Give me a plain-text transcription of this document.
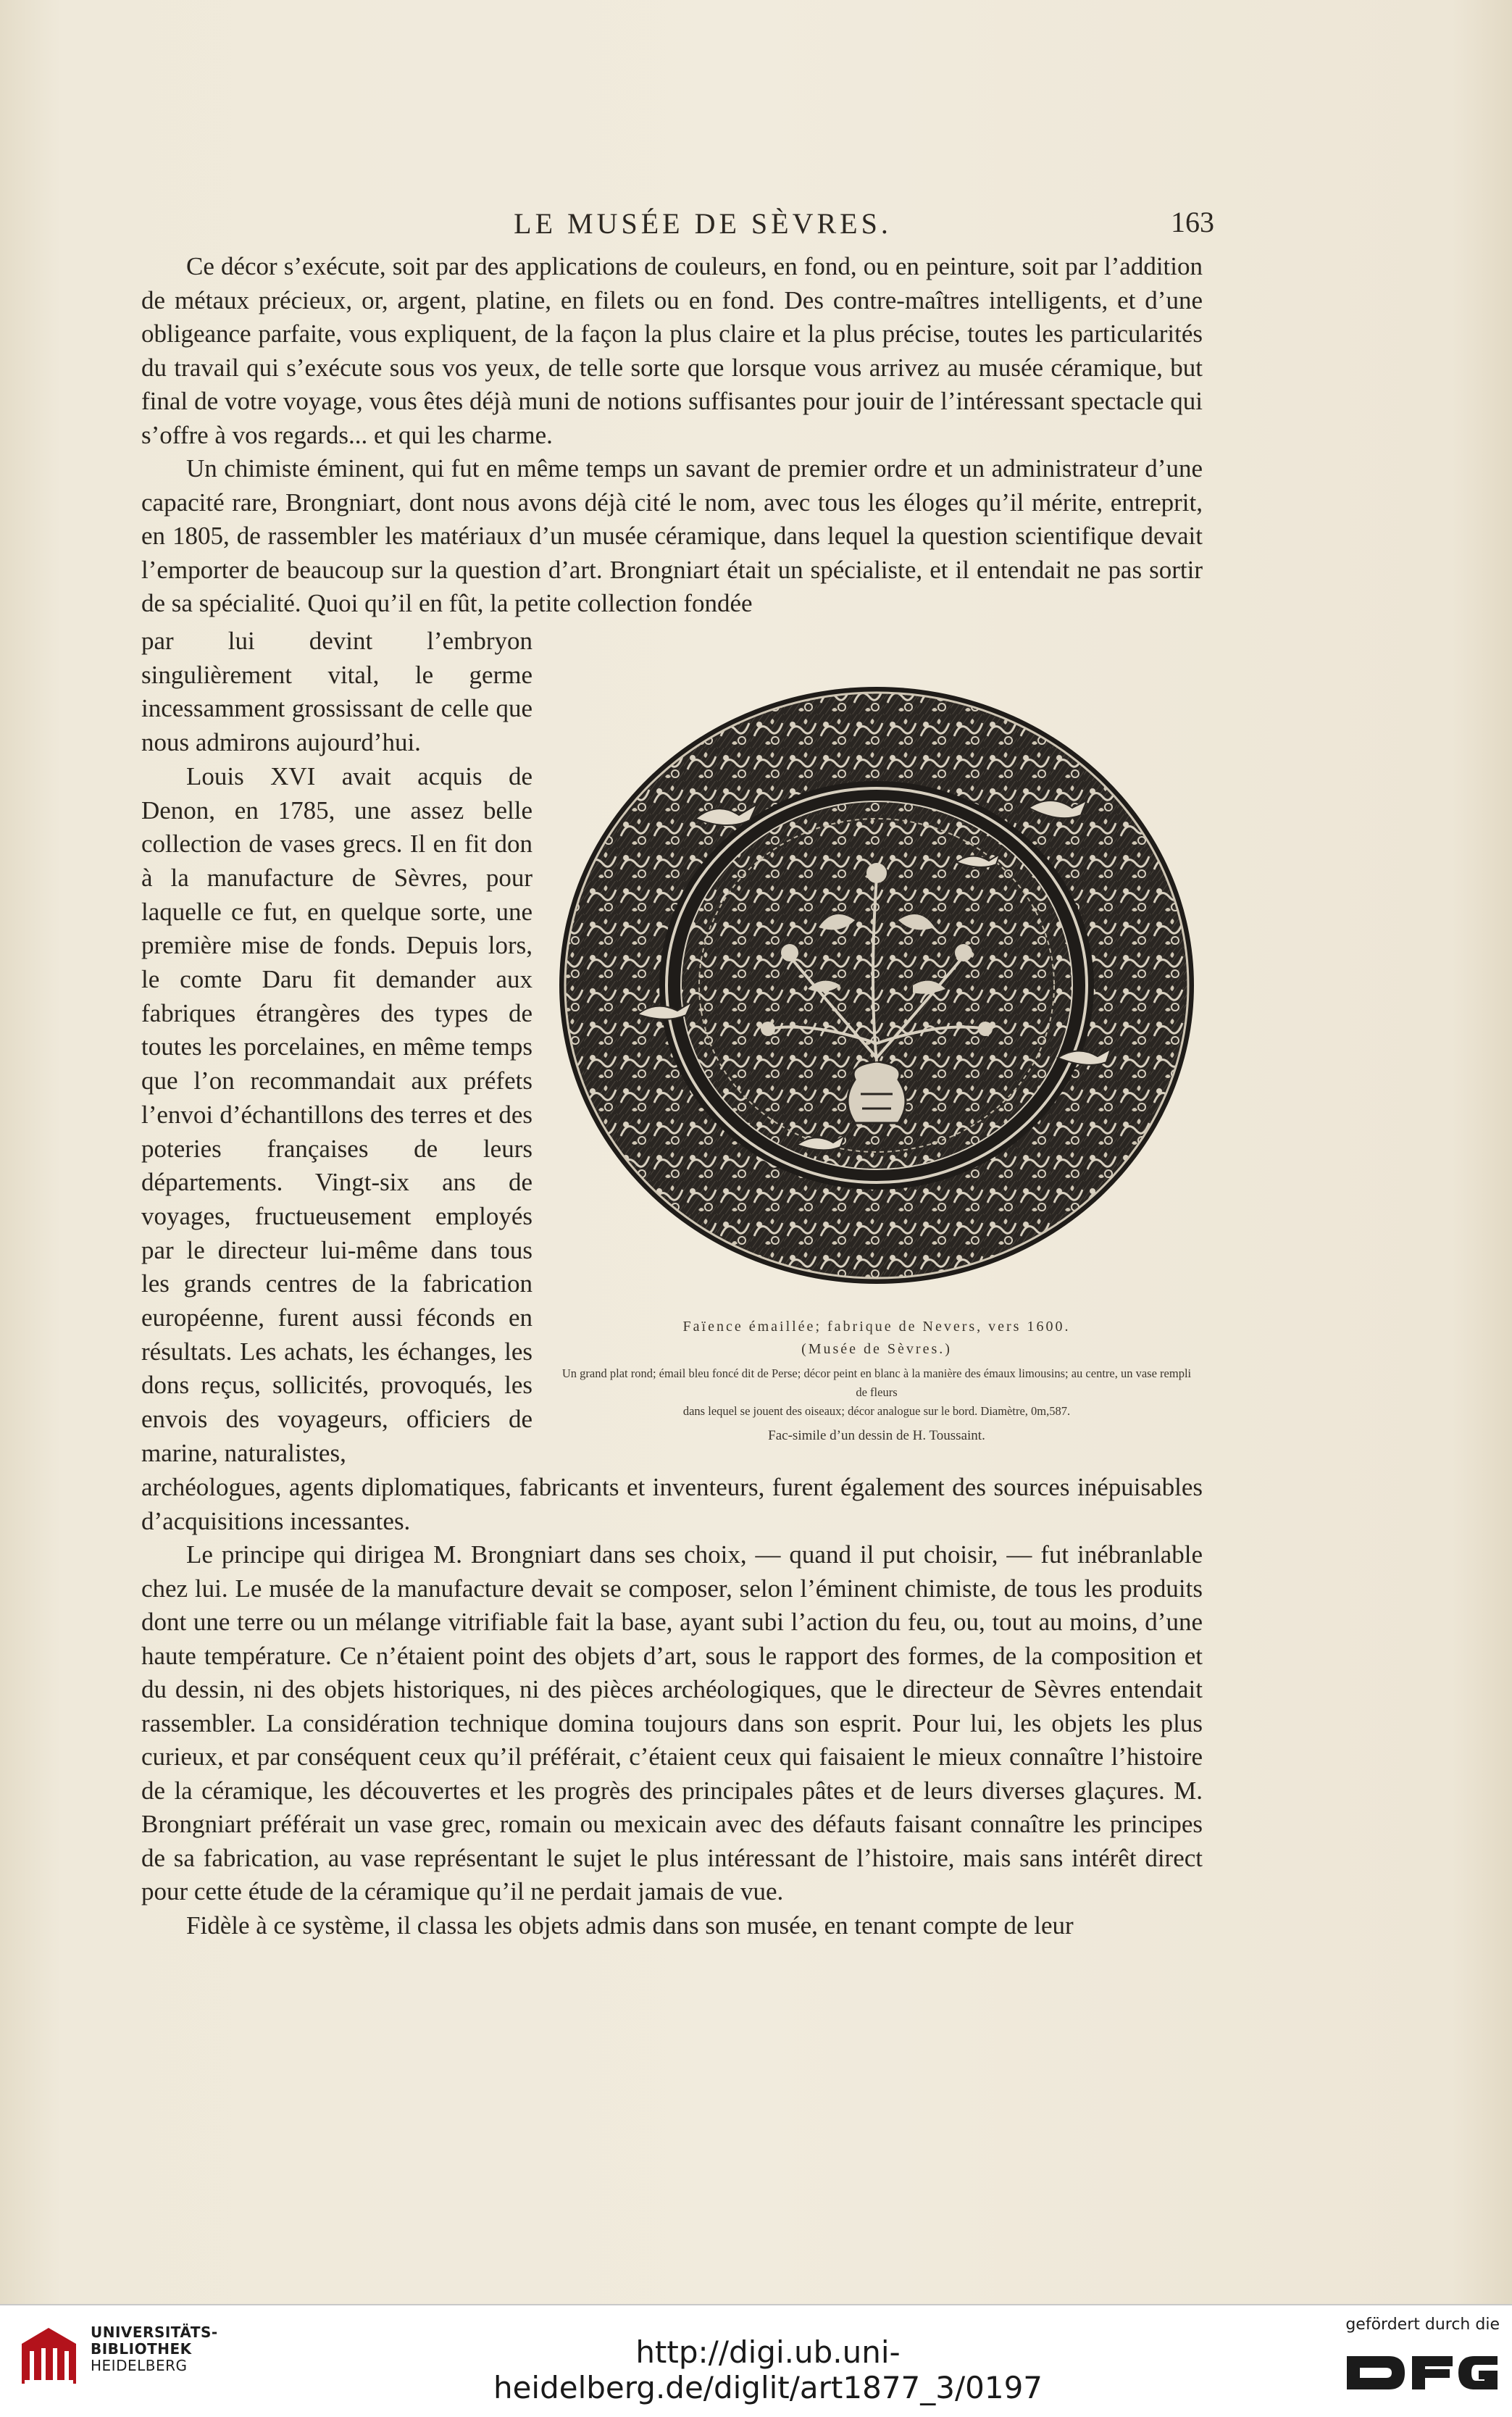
LE MUSÉE DE SÈVRES.	163

Ce décor s’exécute, soit par des applications de couleurs, en fond, ou en peinture, soit par l’addition de métaux précieux, or, argent, platine, en filets ou en fond. Des contre-maîtres intelligents, et d’une obligeance parfaite, vous expliquent, de la façon la plus claire et la plus précise, toutes les particularités du travail qui s’exécute sous vos yeux, de telle sorte que lorsque vous arrivez au musée céramique, but final de votre voyage, vous êtes déjà muni de notions suffisantes pour jouir de l’intéressant spectacle qui s’offre à vos regards... et qui les charme.

Un chimiste éminent, qui fut en même temps un savant de premier ordre et un administrateur d’une capacité rare, Brongniart, dont nous avons déjà cité le nom, avec tous les éloges qu’il mérite, entreprit, en 1805, de rassembler les matériaux d’un musée céramique, dans lequel la question scientifique devait l’emporter de beaucoup sur la question d’art. Brongniart était un spécialiste, et il entendait ne pas sortir de sa spécialité. Quoi qu’il en fût, la petite collection fondée

par lui devint l’embryon singulièrement vital, le germe incessamment grossissant de celle que nous admirons aujourd’hui.

Louis XVI avait acquis de Denon, en 1785, une assez belle collection de vases grecs. Il en fit don à la manufacture de Sèvres, pour laquelle ce fut, en quelque sorte, une première mise de fonds. Depuis lors, le comte Daru fit demander aux fabriques étrangères des types de toutes les porcelaines, en même temps que l’on recommandait aux préfets l’envoi d’échantillons des terres et des poteries françaises de leurs départements. Vingt-six ans de voyages, fructueusement employés par le directeur lui-même dans tous les grands centres de la fabrication européenne, furent aussi féconds en résultats. Les achats, les échanges, les dons reçus, sollicités, provoqués, les envois des voyageurs, officiers de marine, naturalistes,

Faïence émaillée; fabrique de Nevers, vers 1600.
(Musée de Sèvres.)
Un grand plat rond; émail bleu foncé dit de Perse; décor peint en blanc à la manière des émaux limousins; au centre, un vase rempli de fleurs
dans lequel se jouent des oiseaux; décor analogue sur le bord. Diamètre, 0m,587.
Fac-simile d’un dessin de H. Toussaint.

archéologues, agents diplomatiques, fabricants et inventeurs, furent également des sources inépuisables d’acquisitions incessantes.

Le principe qui dirigea M. Brongniart dans ses choix, — quand il put choisir, — fut inébranlable chez lui. Le musée de la manufacture devait se composer, selon l’éminent chimiste, de tous les produits dont une terre ou un mélange vitrifiable fait la base, ayant subi l’action du feu, ou, tout au moins, d’une haute température. Ce n’étaient point des objets d’art, sous le rapport des formes, de la composition et du dessin, ni des objets historiques, ni des pièces archéologiques, que le directeur de Sèvres entendait rassembler. La considération technique domina toujours dans son esprit. Pour lui, les objets les plus curieux, et par conséquent ceux qu’il préférait, c’étaient ceux qui faisaient le mieux connaître l’histoire de la céramique, les découvertes et les progrès des principales pâtes et de leurs diverses glaçures. M. Brongniart préférait un vase grec, romain ou mexicain avec des défauts faisant connaître les principes de sa fabrication, au vase représentant le sujet le plus intéressant de l’histoire, mais sans intérêt direct pour cette étude de la céramique qu’il ne perdait jamais de vue.

Fidèle à ce système, il classa les objets admis dans son musée, en tenant compte de leur

UNIVERSITÄTS-
BIBLIOTHEK
HEIDELBERG	http://digi.ub.uni-heidelberg.de/diglit/art1877_3/0197
gefördert durch die
